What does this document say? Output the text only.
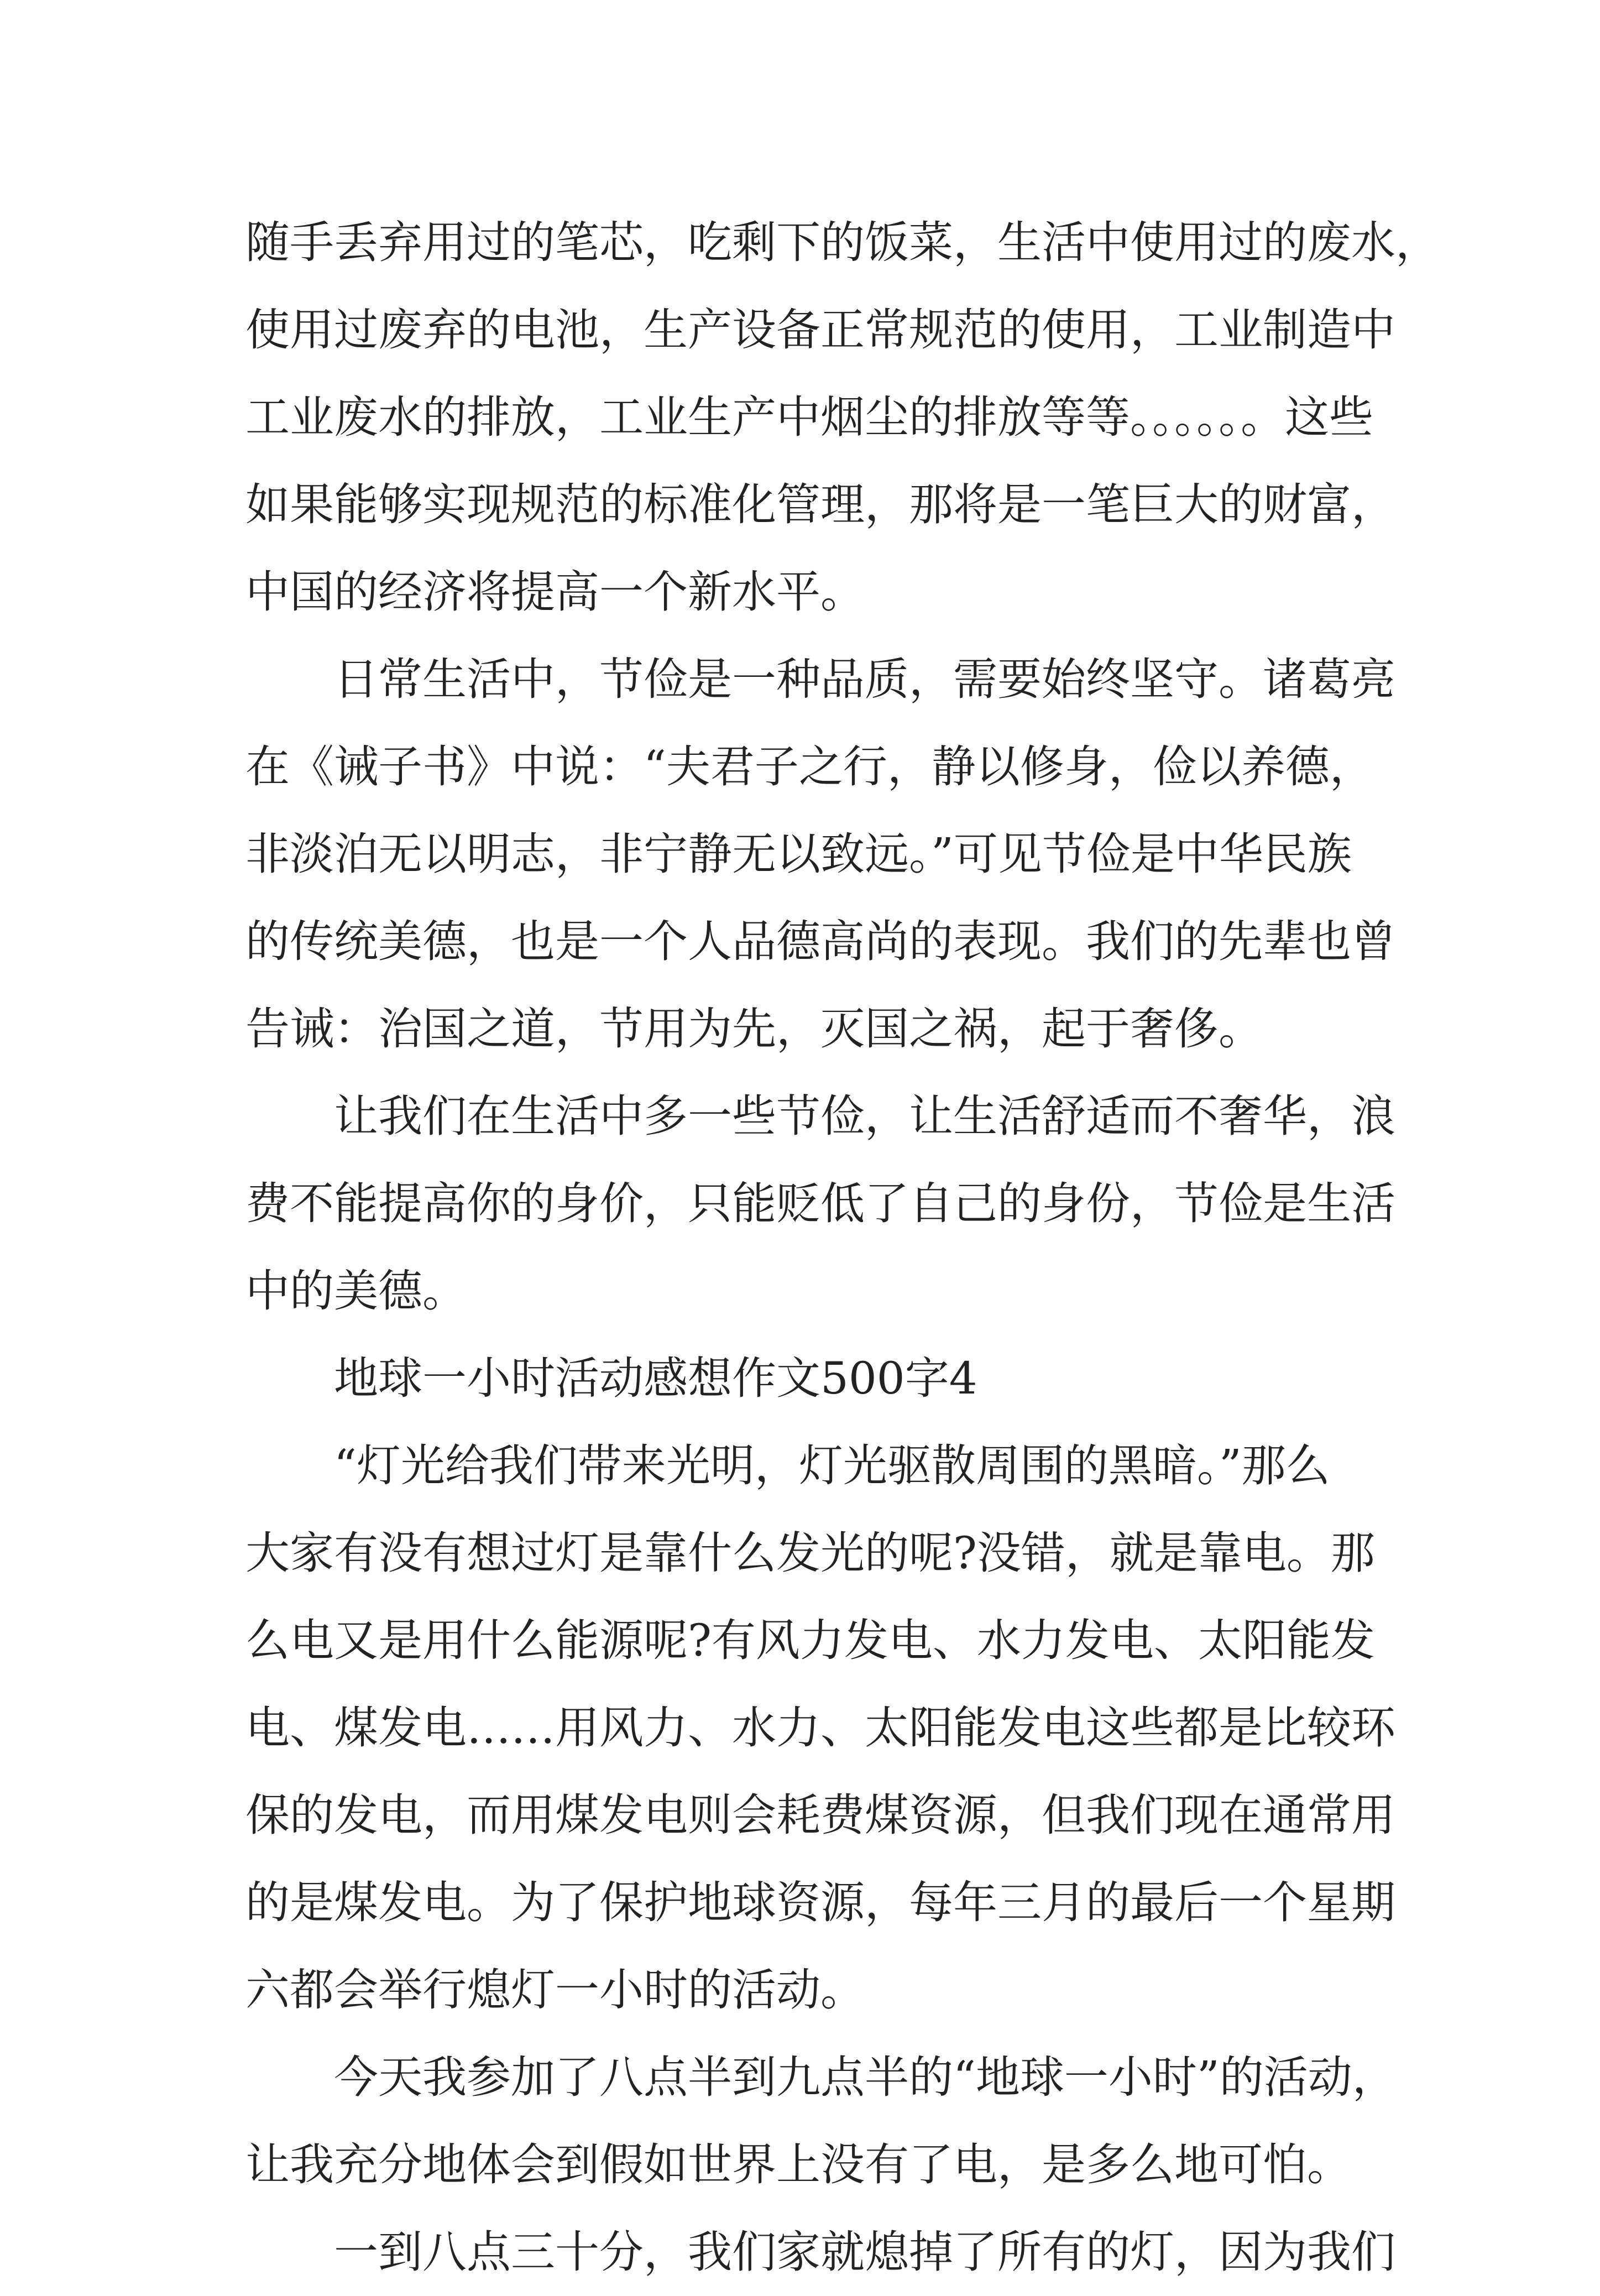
随手丢弃用过的笔芯，吃剩下的饭菜，生活中使用过的废水，
使用过废弃的电池，生产设备正常规范的使用，工业制造中
工业废水的排放，工业生产中烟尘的排放等等。。。。。。这些
如果能够实现规范的标准化管理，那将是一笔巨大的财富，
中国的经济将提高一个新水平。
日常生活中，节俭是一种品质，需要始终坚守。诸葛亮
在《诫子书》中说：“夫君子之行，静以修身，俭以养德，
非淡泊无以明志，非宁静无以致远。”可见节俭是中华民族
的传统美德，也是一个人品德高尚的表现。我们的先辈也曾
告诫：治国之道，节用为先，灭国之祸，起于奢侈。
让我们在生活中多一些节俭，让生活舒适而不奢华，浪
费不能提高你的身价，只能贬低了自己的身份，节俭是生活
中的美德。
地球一小时活动感想作文500字4
“灯光给我们带来光明，灯光驱散周围的黑暗。”那么
大家有没有想过灯是靠什么发光的呢?没错，就是靠电。那
么电又是用什么能源呢?有风力发电、水力发电、太阳能发
电、煤发电……用风力、水力、太阳能发电这些都是比较环
保的发电，而用煤发电则会耗费煤资源，但我们现在通常用
的是煤发电。为了保护地球资源，每年三月的最后一个星期
六都会举行熄灯一小时的活动。
今天我参加了八点半到九点半的“地球一小时”的活动，
让我充分地体会到假如世界上没有了电，是多么地可怕。
一到八点三十分，我们家就熄掉了所有的灯，因为我们
